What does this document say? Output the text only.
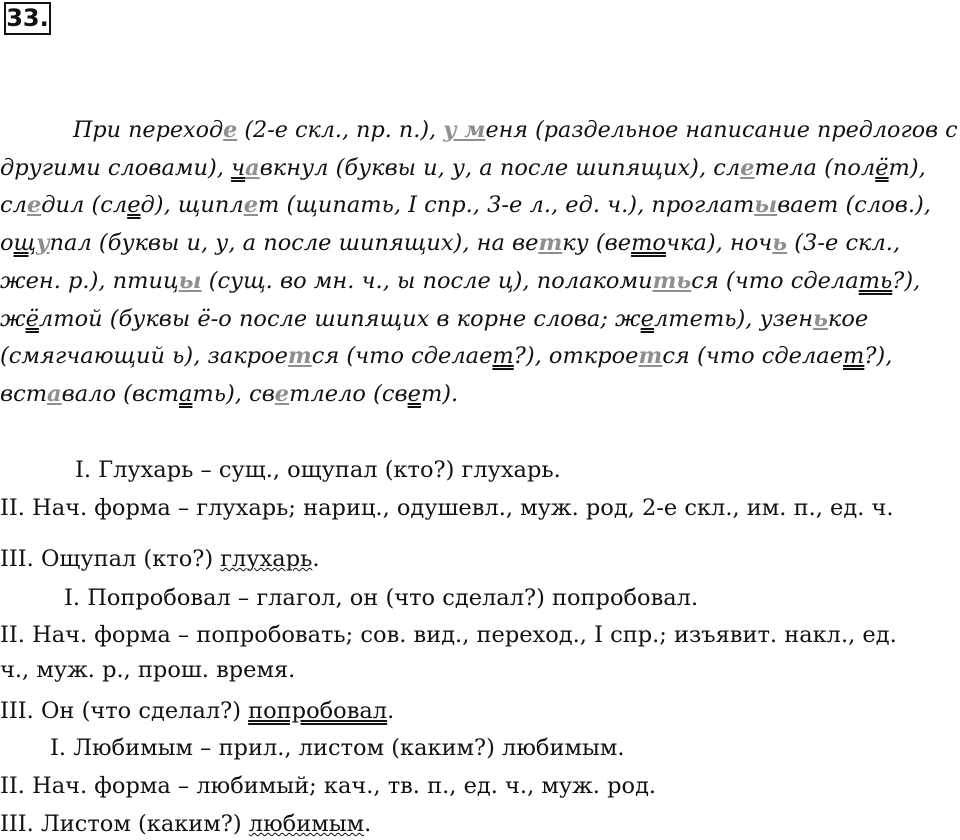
33.
При переходе (2-е скл., пр. п.), у меня (раздельное написание предлогов с
другими словами), чавкнул (буквы и, у, а после шипящих), слетела (полёт),
следил (след), щиплет (щипать, I спр., 3-е л., ед. ч.), проглатывает (слов.),
ощупал (буквы и, у, а после шипящих), на ветку (веточка), ночь (3-е скл.,
жен. р.), птицы (сущ. во мн. ч., ы после ц), полакомиться (что сделать?),
жёлтой (буквы ё-о после шипящих в корне слова; желтеть), узенькое
(смягчающий ь), закроется (что сделает?), откроется (что сделает?),
вставало (встать), светлело (свет).
I. Глухарь – сущ., ощупал (кто?) глухарь.
II. Нач. форма – глухарь; нариц., одушевл., муж. род, 2-е скл., им. п., ед. ч.
III. Ощупал (кто?) глухарь.
I. Попробовал – глагол, он (что сделал?) попробовал.
II. Нач. форма – попробовать; сов. вид., переход., I спр.; изъявит. накл., ед.
ч., муж. р., прош. время.
III. Он (что сделал?) попробовал.
I. Любимым – прил., листом (каким?) любимым.
II. Нач. форма – любимый; кач., тв. п., ед. ч., муж. род.
III. Листом (каким?) любимым.
